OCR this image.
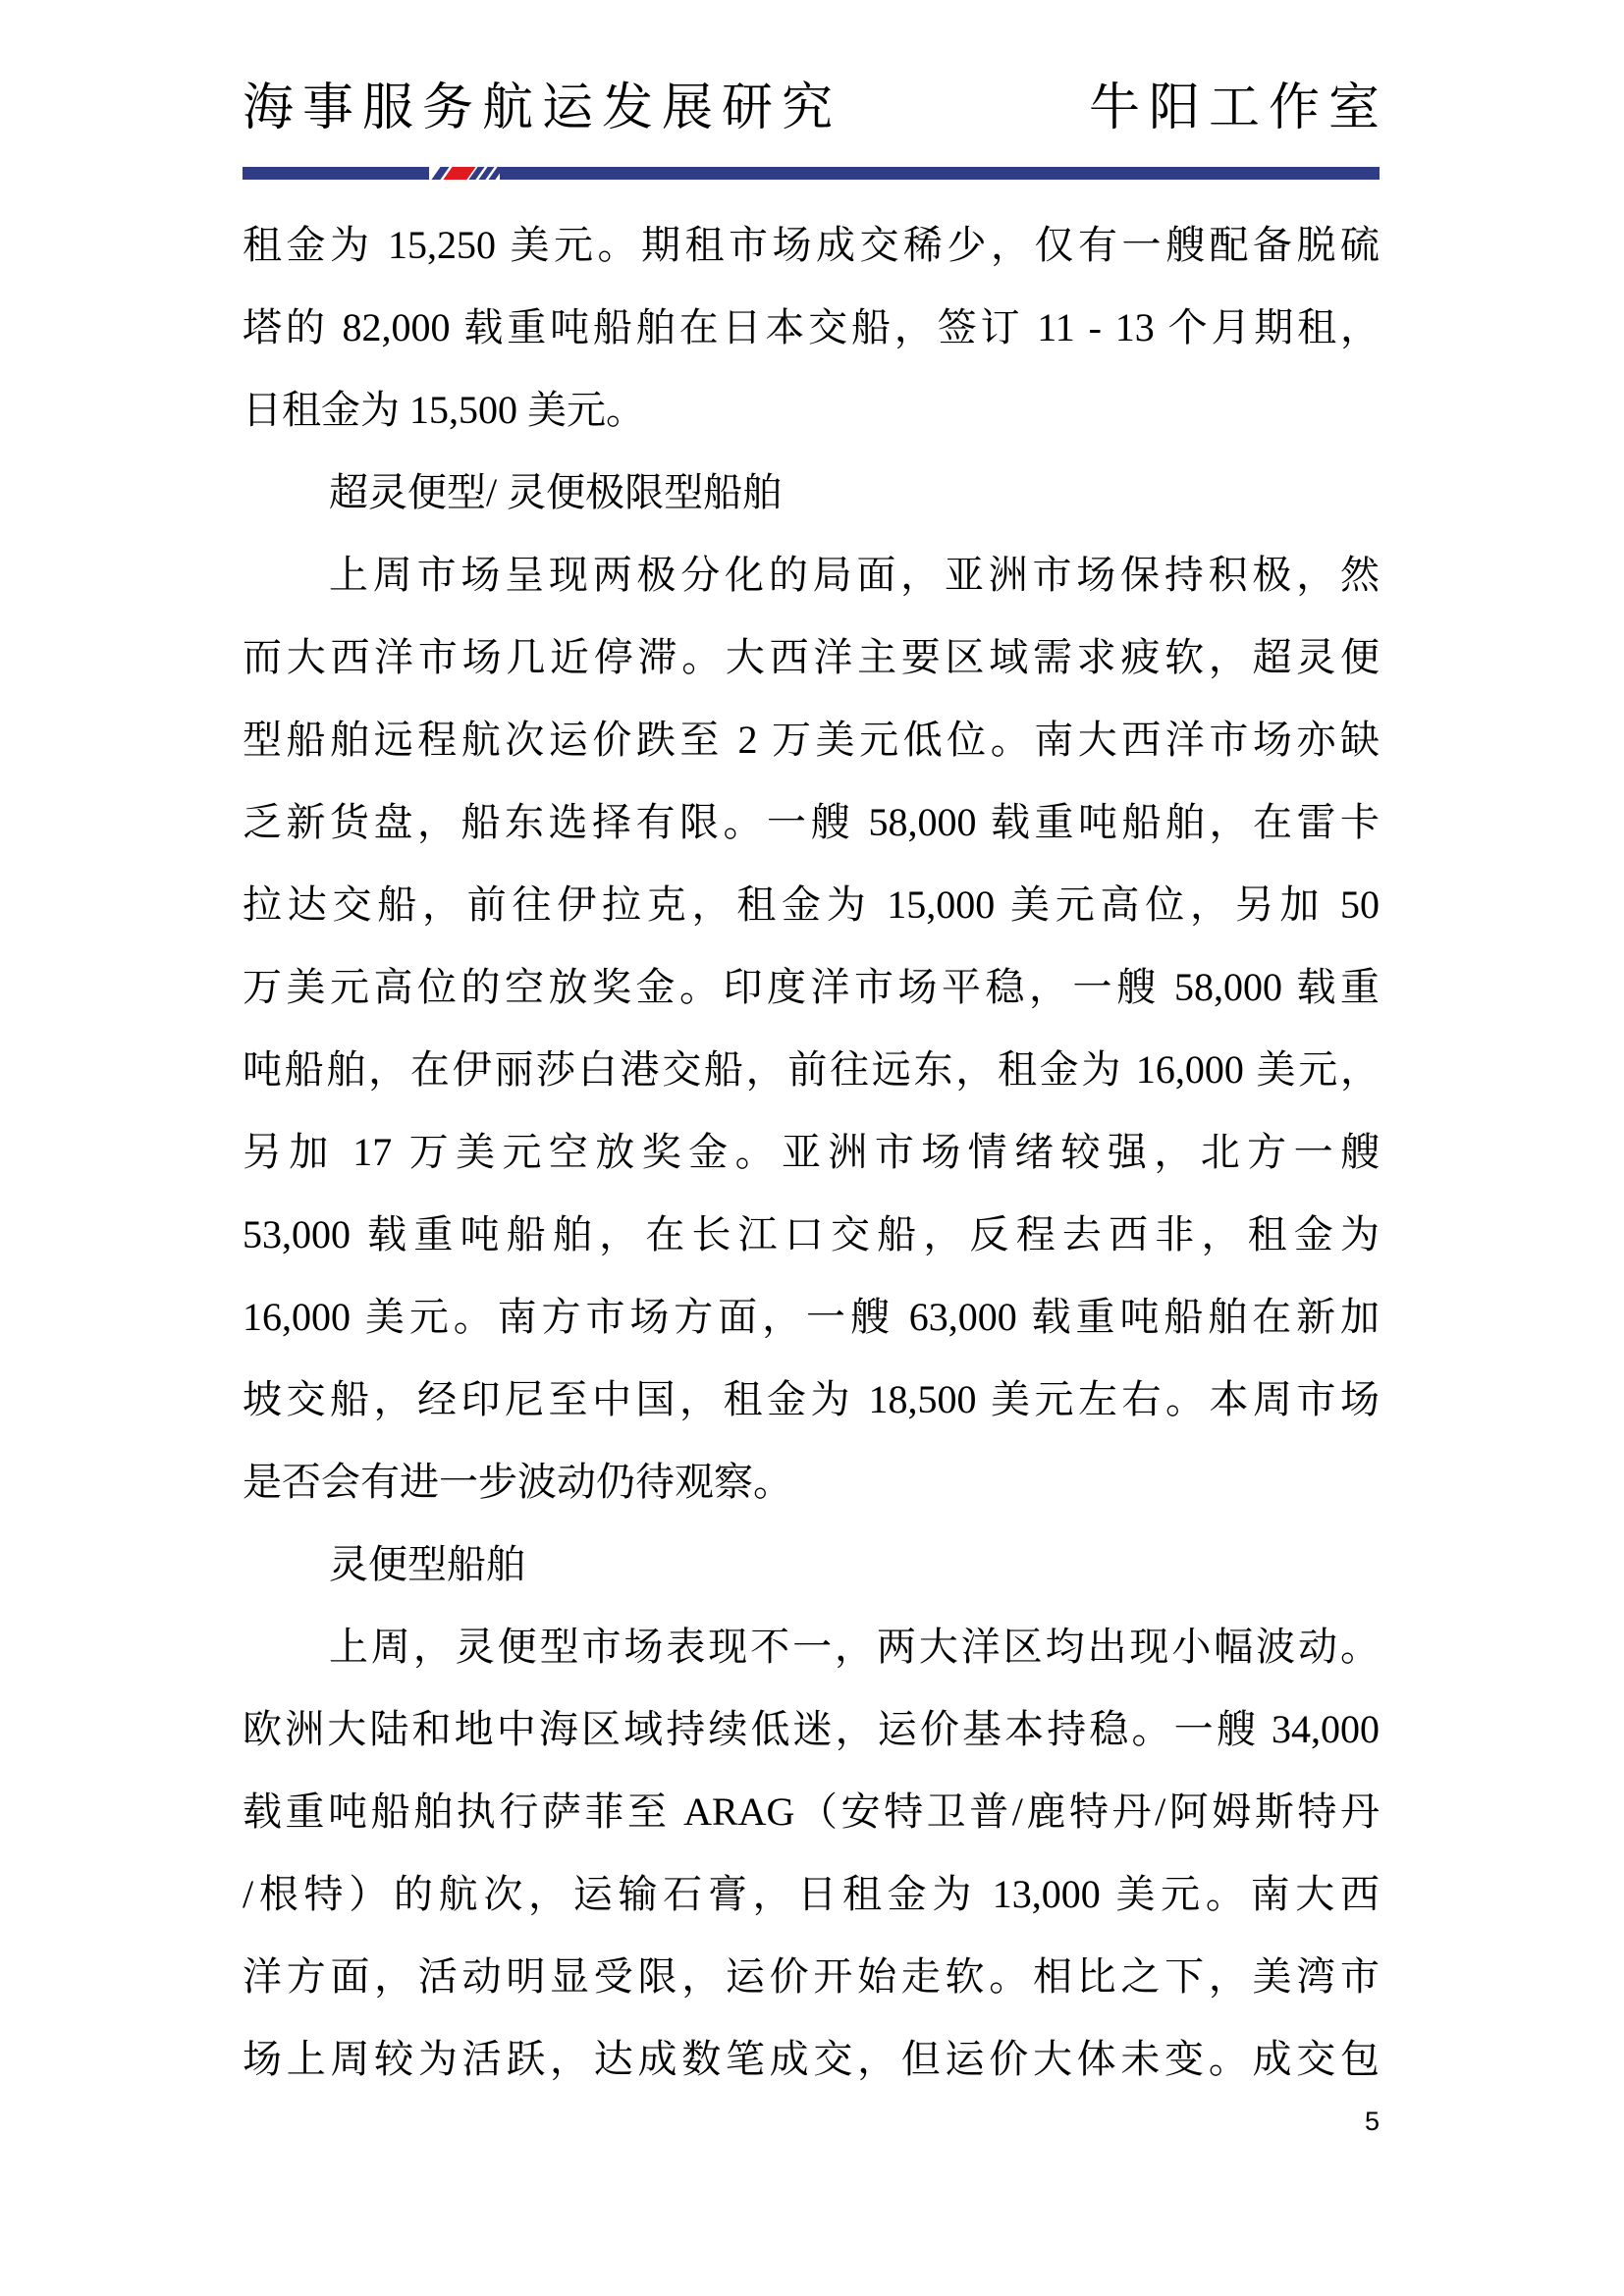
海事服务航运发展研究	牛阳工作室

租金为 15,250 美元。期租市场成交稀少，仅有一艘配备脱硫

塔的 82,000 载重吨船舶在日本交船，签订 11 - 13 个月期租，

日租金为 15,500 美元。

超灵便型/ 灵便极限型船舶

上周市场呈现两极分化的局面，亚洲市场保持积极，然

而大西洋市场几近停滞。大西洋主要区域需求疲软，超灵便

型船舶远程航次运价跌至 2 万美元低位。南大西洋市场亦缺

乏新货盘，船东选择有限。一艘 58,000 载重吨船舶，在雷卡

拉达交船，前往伊拉克，租金为 15,000 美元高位，另加 50

万美元高位的空放奖金。印度洋市场平稳，一艘 58,000 载重

吨船舶，在伊丽莎白港交船，前往远东，租金为 16,000 美元，

另加 17 万美元空放奖金。亚洲市场情绪较强，北方一艘

53,000 载重吨船舶，在长江口交船，反程去西非，租金为

16,000 美元。南方市场方面，一艘 63,000 载重吨船舶在新加

坡交船，经印尼至中国，租金为 18,500 美元左右。本周市场

是否会有进一步波动仍待观察。

灵便型船舶

上周，灵便型市场表现不一，两大洋区均出现小幅波动。

欧洲大陆和地中海区域持续低迷，运价基本持稳。一艘 34,000

载重吨船舶执行萨菲至 ARAG（安特卫普/鹿特丹/阿姆斯特丹

/根特）的航次，运输石膏，日租金为 13,000 美元。南大西

洋方面，活动明显受限，运价开始走软。相比之下，美湾市

场上周较为活跃，达成数笔成交，但运价大体未变。成交包

5
